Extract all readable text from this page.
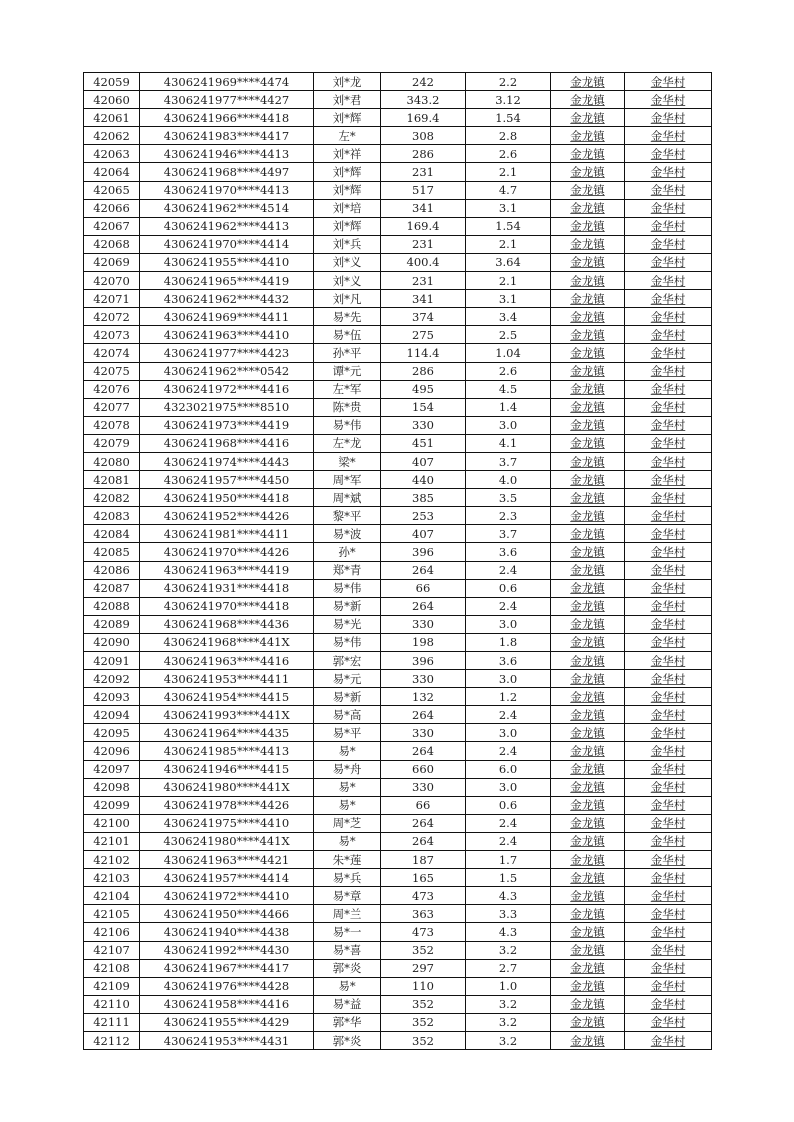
42059	4306241969****4474	刘*龙	242	2.2	金龙镇	金华村
42060	4306241977****4427	刘*君	343.2	3.12	金龙镇	金华村
42061	4306241966****4418	刘*辉	169.4	1.54	金龙镇	金华村
42062	4306241983****4417	左*	308	2.8	金龙镇	金华村
42063	4306241946****4413	刘*祥	286	2.6	金龙镇	金华村
42064	4306241968****4497	刘*辉	231	2.1	金龙镇	金华村
42065	4306241970****4413	刘*辉	517	4.7	金龙镇	金华村
42066	4306241962****4514	刘*培	341	3.1	金龙镇	金华村
42067	4306241962****4413	刘*辉	169.4	1.54	金龙镇	金华村
42068	4306241970****4414	刘*兵	231	2.1	金龙镇	金华村
42069	4306241955****4410	刘*义	400.4	3.64	金龙镇	金华村
42070	4306241965****4419	刘*义	231	2.1	金龙镇	金华村
42071	4306241962****4432	刘*凡	341	3.1	金龙镇	金华村
42072	4306241969****4411	易*先	374	3.4	金龙镇	金华村
42073	4306241963****4410	易*伍	275	2.5	金龙镇	金华村
42074	4306241977****4423	孙*平	114.4	1.04	金龙镇	金华村
42075	4306241962****0542	谭*元	286	2.6	金龙镇	金华村
42076	4306241972****4416	左*军	495	4.5	金龙镇	金华村
42077	4323021975****8510	陈*贵	154	1.4	金龙镇	金华村
42078	4306241973****4419	易*伟	330	3.0	金龙镇	金华村
42079	4306241968****4416	左*龙	451	4.1	金龙镇	金华村
42080	4306241974****4443	梁*	407	3.7	金龙镇	金华村
42081	4306241957****4450	周*军	440	4.0	金龙镇	金华村
42082	4306241950****4418	周*斌	385	3.5	金龙镇	金华村
42083	4306241952****4426	黎*平	253	2.3	金龙镇	金华村
42084	4306241981****4411	易*波	407	3.7	金龙镇	金华村
42085	4306241970****4426	孙*	396	3.6	金龙镇	金华村
42086	4306241963****4419	郑*青	264	2.4	金龙镇	金华村
42087	4306241931****4418	易*伟	66	0.6	金龙镇	金华村
42088	4306241970****4418	易*新	264	2.4	金龙镇	金华村
42089	4306241968****4436	易*光	330	3.0	金龙镇	金华村
42090	4306241968****441X	易*伟	198	1.8	金龙镇	金华村
42091	4306241963****4416	郭*宏	396	3.6	金龙镇	金华村
42092	4306241953****4411	易*元	330	3.0	金龙镇	金华村
42093	4306241954****4415	易*新	132	1.2	金龙镇	金华村
42094	4306241993****441X	易*高	264	2.4	金龙镇	金华村
42095	4306241964****4435	易*平	330	3.0	金龙镇	金华村
42096	4306241985****4413	易*	264	2.4	金龙镇	金华村
42097	4306241946****4415	易*舟	660	6.0	金龙镇	金华村
42098	4306241980****441X	易*	330	3.0	金龙镇	金华村
42099	4306241978****4426	易*	66	0.6	金龙镇	金华村
42100	4306241975****4410	周*芝	264	2.4	金龙镇	金华村
42101	4306241980****441X	易*	264	2.4	金龙镇	金华村
42102	4306241963****4421	朱*莲	187	1.7	金龙镇	金华村
42103	4306241957****4414	易*兵	165	1.5	金龙镇	金华村
42104	4306241972****4410	易*章	473	4.3	金龙镇	金华村
42105	4306241950****4466	周*兰	363	3.3	金龙镇	金华村
42106	4306241940****4438	易*一	473	4.3	金龙镇	金华村
42107	4306241992****4430	易*喜	352	3.2	金龙镇	金华村
42108	4306241967****4417	郭*炎	297	2.7	金龙镇	金华村
42109	4306241976****4428	易*	110	1.0	金龙镇	金华村
42110	4306241958****4416	易*益	352	3.2	金龙镇	金华村
42111	4306241955****4429	郭*华	352	3.2	金龙镇	金华村
42112	4306241953****4431	郭*炎	352	3.2	金龙镇	金华村
